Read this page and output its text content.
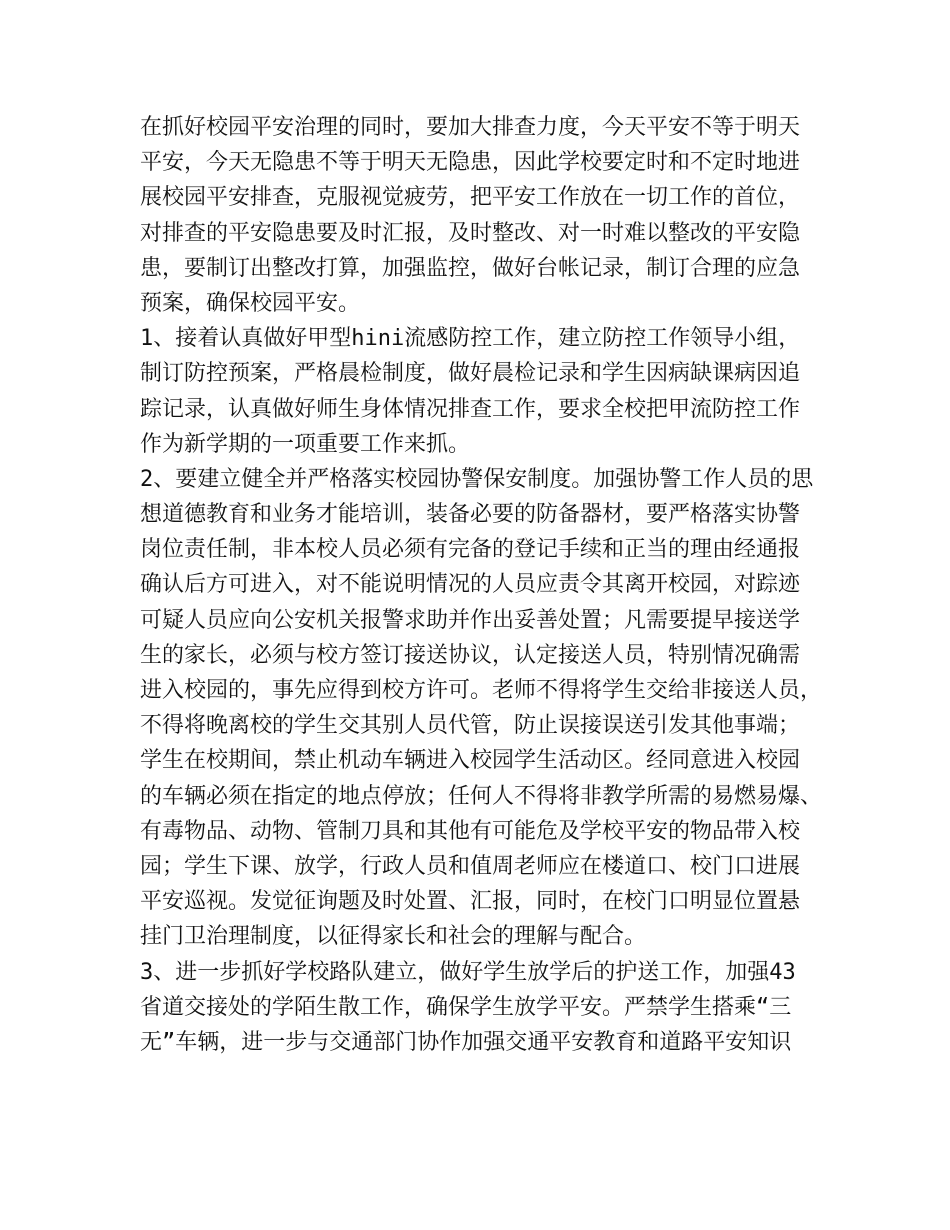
在抓好校园平安治理的同时，要加大排查力度，今天平安不等于明天
平安，今天无隐患不等于明天无隐患，因此学校要定时和不定时地进
展校园平安排查，克服视觉疲劳，把平安工作放在一切工作的首位，
对排查的平安隐患要及时汇报，及时整改、对一时难以整改的平安隐
患，要制订出整改打算，加强监控，做好台帐记录，制订合理的应急
预案，确保校园平安。
1、接着认真做好甲型hini流感防控工作，建立防控工作领导小组，
制订防控预案，严格晨检制度，做好晨检记录和学生因病缺课病因追
踪记录，认真做好师生身体情况排查工作，要求全校把甲流防控工作
作为新学期的一项重要工作来抓。
2、要建立健全并严格落实校园协警保安制度。加强协警工作人员的思
想道德教育和业务才能培训，装备必要的防备器材，要严格落实协警
岗位责任制，非本校人员必须有完备的登记手续和正当的理由经通报
确认后方可进入，对不能说明情况的人员应责令其离开校园，对踪迹
可疑人员应向公安机关报警求助并作出妥善处置；凡需要提早接送学
生的家长，必须与校方签订接送协议，认定接送人员，特别情况确需
进入校园的，事先应得到校方许可。老师不得将学生交给非接送人员，
不得将晚离校的学生交其别人员代管，防止误接误送引发其他事端；
学生在校期间，禁止机动车辆进入校园学生活动区。经同意进入校园
的车辆必须在指定的地点停放；任何人不得将非教学所需的易燃易爆、
有毒物品、动物、管制刀具和其他有可能危及学校平安的物品带入校
园；学生下课、放学，行政人员和值周老师应在楼道口、校门口进展
平安巡视。发觉征询题及时处置、汇报，同时，在校门口明显位置悬
挂门卫治理制度，以征得家长和社会的理解与配合。
3、进一步抓好学校路队建立，做好学生放学后的护送工作，加强43
省道交接处的学陌生散工作，确保学生放学平安。严禁学生搭乘“三
无”车辆，进一步与交通部门协作加强交通平安教育和道路平安知识
